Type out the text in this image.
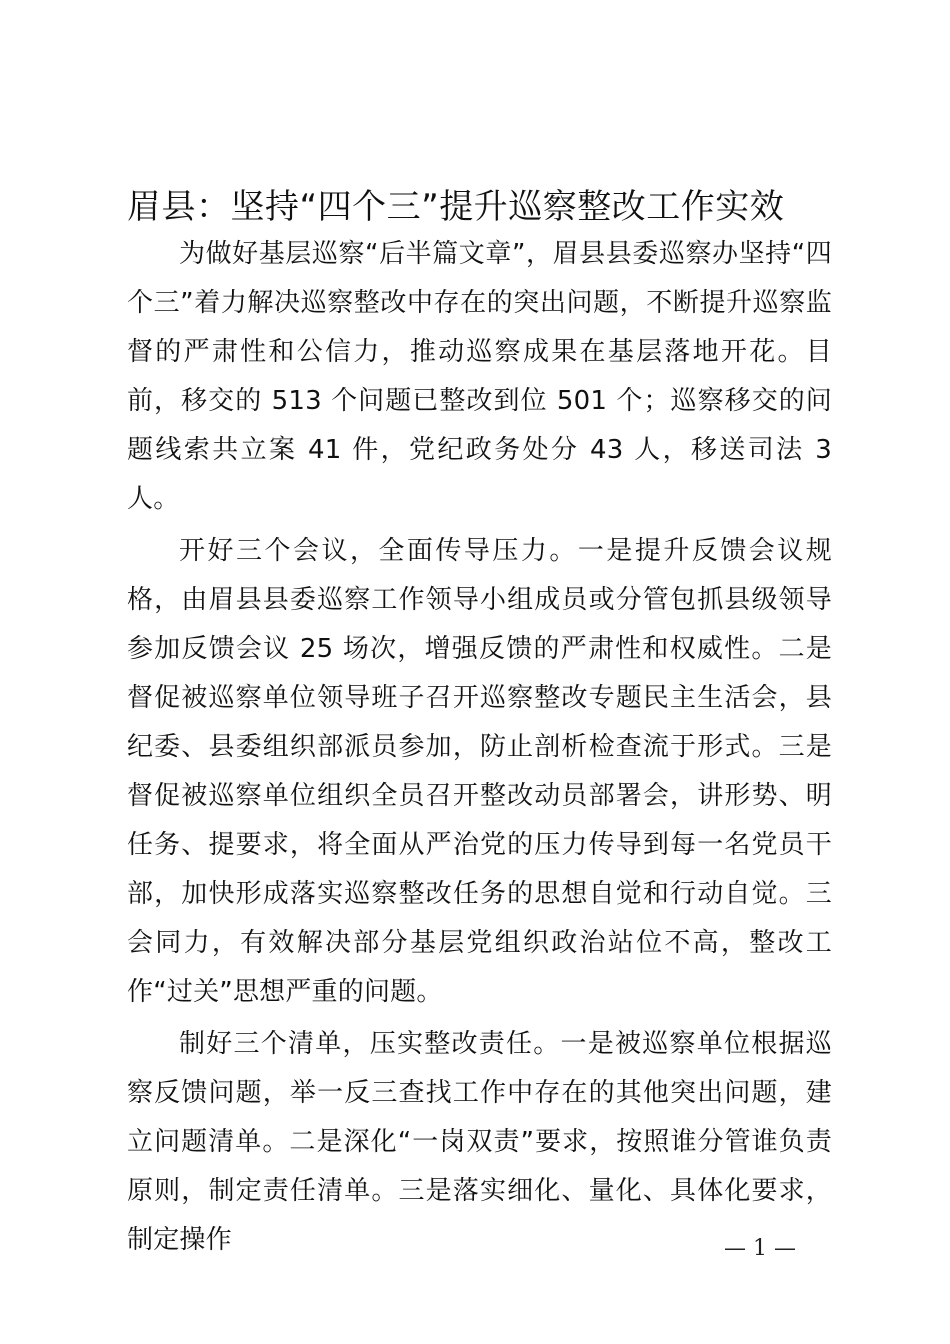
眉县：坚持“四个三”提升巡察整改工作实效

为做好基层巡察“后半篇文章”，眉县县委巡察办坚持“四个三”着力解决巡察整改中存在的突出问题，不断提升巡察监督的严肃性和公信力，推动巡察成果在基层落地开花。目前，移交的 513 个问题已整改到位 501 个；巡察移交的问题线索共立案 41 件，党纪政务处分 43 人，移送司法 3 人。

开好三个会议，全面传导压力。一是提升反馈会议规格，由眉县县委巡察工作领导小组成员或分管包抓县级领导参加反馈会议 25 场次，增强反馈的严肃性和权威性。二是督促被巡察单位领导班子召开巡察整改专题民主生活会，县纪委、县委组织部派员参加，防止剖析检查流于形式。三是督促被巡察单位组织全员召开整改动员部署会，讲形势、明任务、提要求，将全面从严治党的压力传导到每一名党员干部，加快形成落实巡察整改任务的思想自觉和行动自觉。三会同力，有效解决部分基层党组织政治站位不高，整改工作“过关”思想严重的问题。

制好三个清单，压实整改责任。一是被巡察单位根据巡察反馈问题，举一反三查找工作中存在的其他突出问题，建立问题清单。二是深化“一岗双责”要求，按照谁分管谁负责原则，制定责任清单。三是落实细化、量化、具体化要求，制定操作	— 1 —
